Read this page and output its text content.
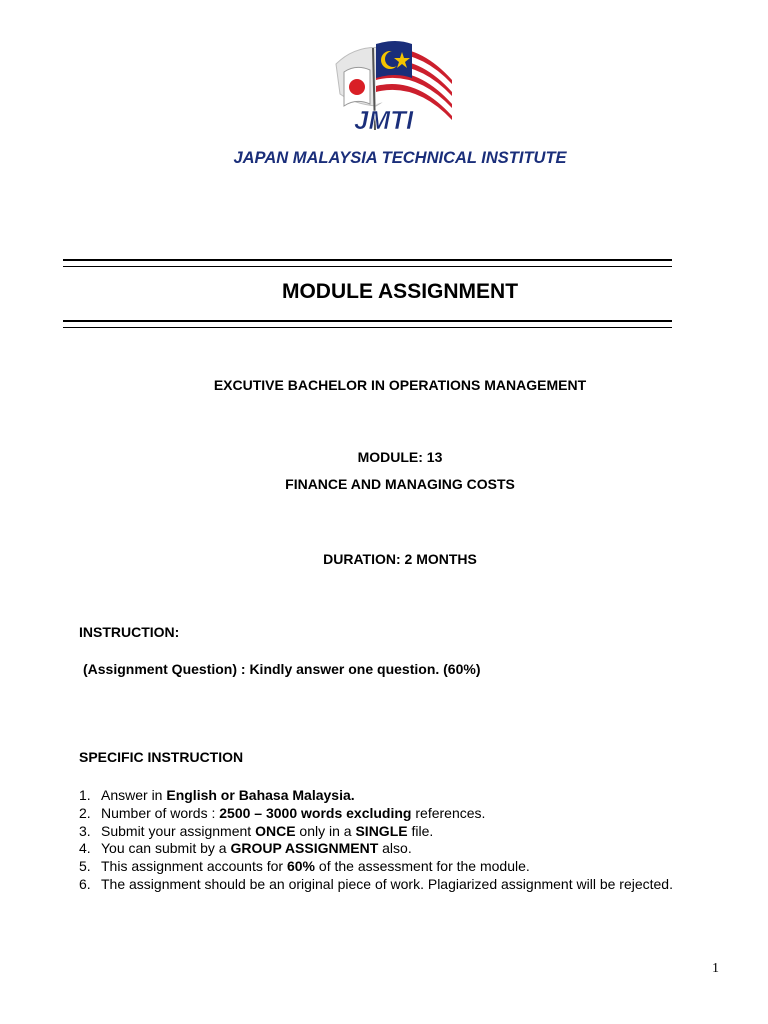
JMTI
JAPAN MALAYSIA TECHNICAL INSTITUTE
MODULE ASSIGNMENT
EXCUTIVE BACHELOR IN OPERATIONS MANAGEMENT
MODULE: 13
FINANCE AND MANAGING COSTS
DURATION: 2 MONTHS
INSTRUCTION:
(Assignment Question) : Kindly answer one question. (60%)
SPECIFIC INSTRUCTION
1. Answer in English or Bahasa Malaysia.
2. Number of words : 2500 – 3000 words excluding references.
3. Submit your assignment ONCE only in a SINGLE file.
4. You can submit by a GROUP ASSIGNMENT also.
5. This assignment accounts for 60% of the assessment for the module.
6. The assignment should be an original piece of work. Plagiarized assignment will be rejected.
1
